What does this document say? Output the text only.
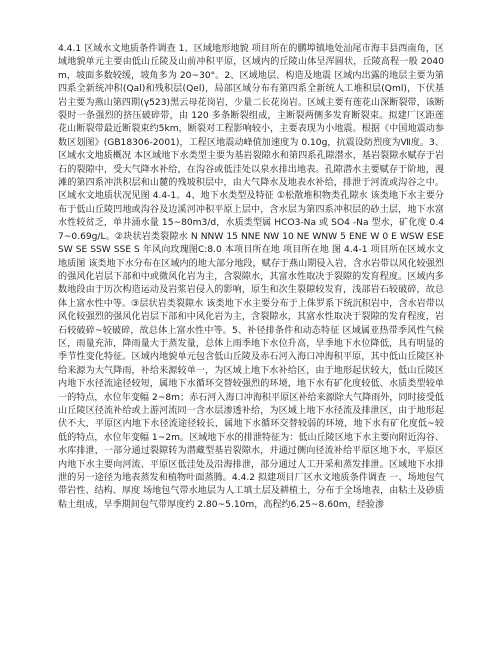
4.4.1 区域水文地质条件调查 1、区域地形地貌 项目所在的鹏埠镇地处汕尾市海丰县西南角，区域地貌单元主要由低山丘陵及山前冲积平原，区域内的丘陵山体呈浑圆状，丘陵高程一般 2040m，坡面多数较缓，坡角多为 20~30°。2、区域地层、构造及地震 区域内出露的地层主要为第四系全新统冲积(Qal)和残积层(Qel)，局部区域分布有第四系全新统人工堆积层(Qml)，下伏基岩主要为燕山第四期(γ523)黑云母花岗岩，少量二长花岗岩。区域主要有莲花山深断裂带，该断裂时一条强烈的挤压破碎带，由 120 多条断裂组成，主断裂两侧多发育断裂束。拟建厂区距莲花山断裂带最近断裂束约5km，断裂对工程影响较小，主要表现为小地震。根据《中国地震动参数区划图》(GB18306-2001)，工程区地震动峰值加速度为 0.10g，抗震设防烈度为Ⅶ度。3、区域水文地质概况 本区域地下水类型主要为基岩裂隙水和第四系孔隙潜水，基岩裂隙水赋存于岩石的裂隙中，受大气降水补给，在沟谷或低洼处以泉水排出地表。孔隙潜水主要赋存于阶地，漫滩的第四系冲洪积层和山麓的残坡积层中，由大气降水及地表水补给，排泄于河流或沟谷之中。区域水文地质状况见图 4.4-1。4、地下水类型及特征 ①松散堆积物类孔隙水 该类地下水主要分布于低山丘陵凹地或沟谷及边溪河冲积平原上层中，含水层为第四系冲积层的砂土层，地下水富水性较贫乏，单井涌水量 15~80m3/d，水质类型属 HCO3-Na 或 SO4 -Na 型水，矿化度 0.47~0.69g/L。②块状岩类裂隙水 N NNW 15 NNE NW 10 NE WNW 5 ENE W 0 E WSW ESE SW SE SSW SSE S 年风向玫瑰图C:8.0 本项目所在地 项目所在地 图 4.4-1 项目所在区域水文地质图 该类地下水分布在区域内的地大部分地段，赋存于燕山期侵入岩，含水岩带以风化较强烈的强风化岩层下部和中或微风化岩为主，含裂隙水，其富水性取决于裂隙的发育程度。区域内多数地段由于历次构造运动及岩浆岩侵入的影响，原生和次生裂隙较发育，浅部岩石较破碎，故总体上富水性中等。③层状岩类裂隙水 该类地下水主要分布于上侏罗系下统沉积岩中，含水岩带以风化较强烈的强风化岩层下部和中风化岩为主，含裂隙水，其富水性取决于裂隙的发育程度，岩石较破碎~较破碎，故总体上富水性中等。5、补径排条件和动态特征 区域属亚热带季风性气候区，雨量充沛，降雨量大于蒸发量，总体上雨季地下水位升高，旱季地下水位降低，具有明显的季节性变化特征。区域内地貌单元包含低山丘陵及赤石河入海口冲海积平原，其中低山丘陵区补给来源为大气降雨，补给来源较单一，为区域上地下水补给区，由于地形起伏较大，低山丘陵区内地下水径流途径较短，属地下水循环交替较强烈的环境，地下水有矿化度较低、水质类型较单一的特点，水位年变幅 2~8m；赤石河入海口冲海积平原区补给来源除大气降雨外，同时接受低山丘陵区径流补给或上游河流同一含水层渗透补给，为区域上地下水径流及排泄区，由于地形起伏不大，平原区内地下水径流途径较长，属地下水循环交替较弱的环境，地下水有矿化度低~较低的特点，水位年变幅 1~2m。区域地下水的排泄特征为：低山丘陵区地下水主要向附近沟谷、水库排泄，一部分通过裂隙转为潜藏型基岩裂隙水，并通过侧向径流补给平原区地下水，平原区内地下水主要向河流、平原区低洼处及沿海排泄，部分通过人工开采和蒸发排泄。区域地下水排泄的另一途径为地表蒸发和植物叶面蒸腾。4.4.2 拟建项目厂区水文地质条件调查 一、场地包气带岩性、结构、厚度 场地包气带水地层为人工填土层及耕植土，分布于全场地表，由粘土及砂质粘土组成，旱季期间包气带厚度约 2.80~5.10m，高程约6.25~8.60m，经验渗
